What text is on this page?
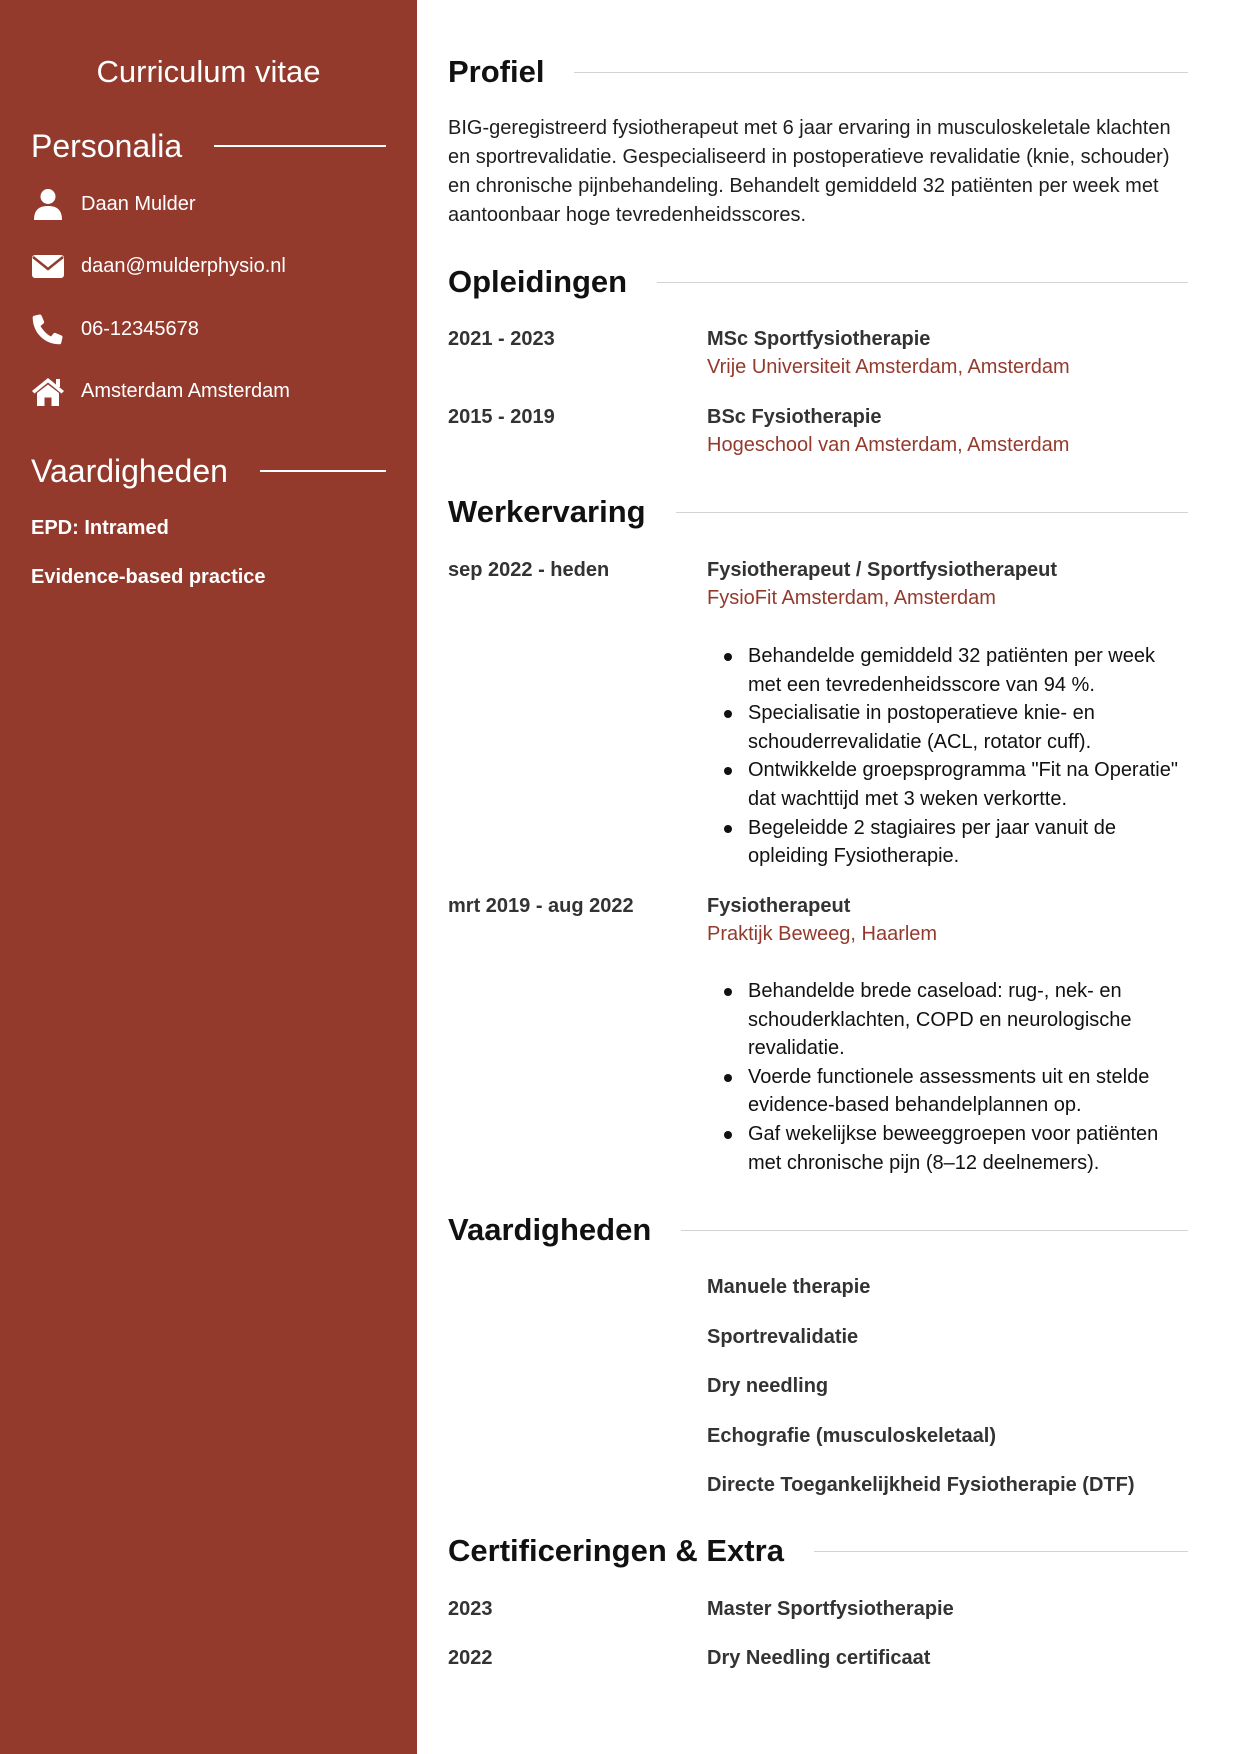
Curriculum vitae
Personalia
Daan Mulder
daan@mulderphysio.nl
06-12345678
Amsterdam Amsterdam
Vaardigheden
EPD: Intramed
Evidence-based practice
Profiel

BIG-geregistreerd fysiotherapeut met 6 jaar ervaring in musculoskeletale klachten en sportrevalidatie. Gespecialiseerd in postoperatieve revalidatie (knie, schouder) en chronische pijnbehandeling. Behandelt gemiddeld 32 patiënten per week met aantoonbaar hoge tevredenheidsscores.

Opleidingen
2021 - 2023	MSc Sportfysiotherapie
Vrije Universiteit Amsterdam, Amsterdam
2015 - 2019	BSc Fysiotherapie
Hogeschool van Amsterdam, Amsterdam
Werkervaring
sep 2022 - heden	Fysiotherapeut / Sportfysiotherapeut
FysioFit Amsterdam, Amsterdam
Behandelde gemiddeld 32 patiënten per week met een tevredenheidsscore van 94 %.
Specialisatie in postoperatieve knie- en schouderrevalidatie (ACL, rotator cuff).
Ontwikkelde groepsprogramma "Fit na Operatie" dat wachttijd met 3 weken verkortte.
Begeleidde 2 stagiaires per jaar vanuit de opleiding Fysiotherapie.
mrt 2019 - aug 2022	Fysiotherapeut
Praktijk Beweeg, Haarlem
Behandelde brede caseload: rug-, nek- en schouderklachten, COPD en neurologische revalidatie.
Voerde functionele assessments uit en stelde evidence-based behandelplannen op.
Gaf wekelijkse beweeggroepen voor patiënten met chronische pijn (8–12 deelnemers).
Vaardigheden
Manuele therapie
Sportrevalidatie
Dry needling
Echografie (musculoskeletaal)
Directe Toegankelijkheid Fysiotherapie (DTF)
Certificeringen & Extra
2023	Master Sportfysiotherapie
2022	Dry Needling certificaat
